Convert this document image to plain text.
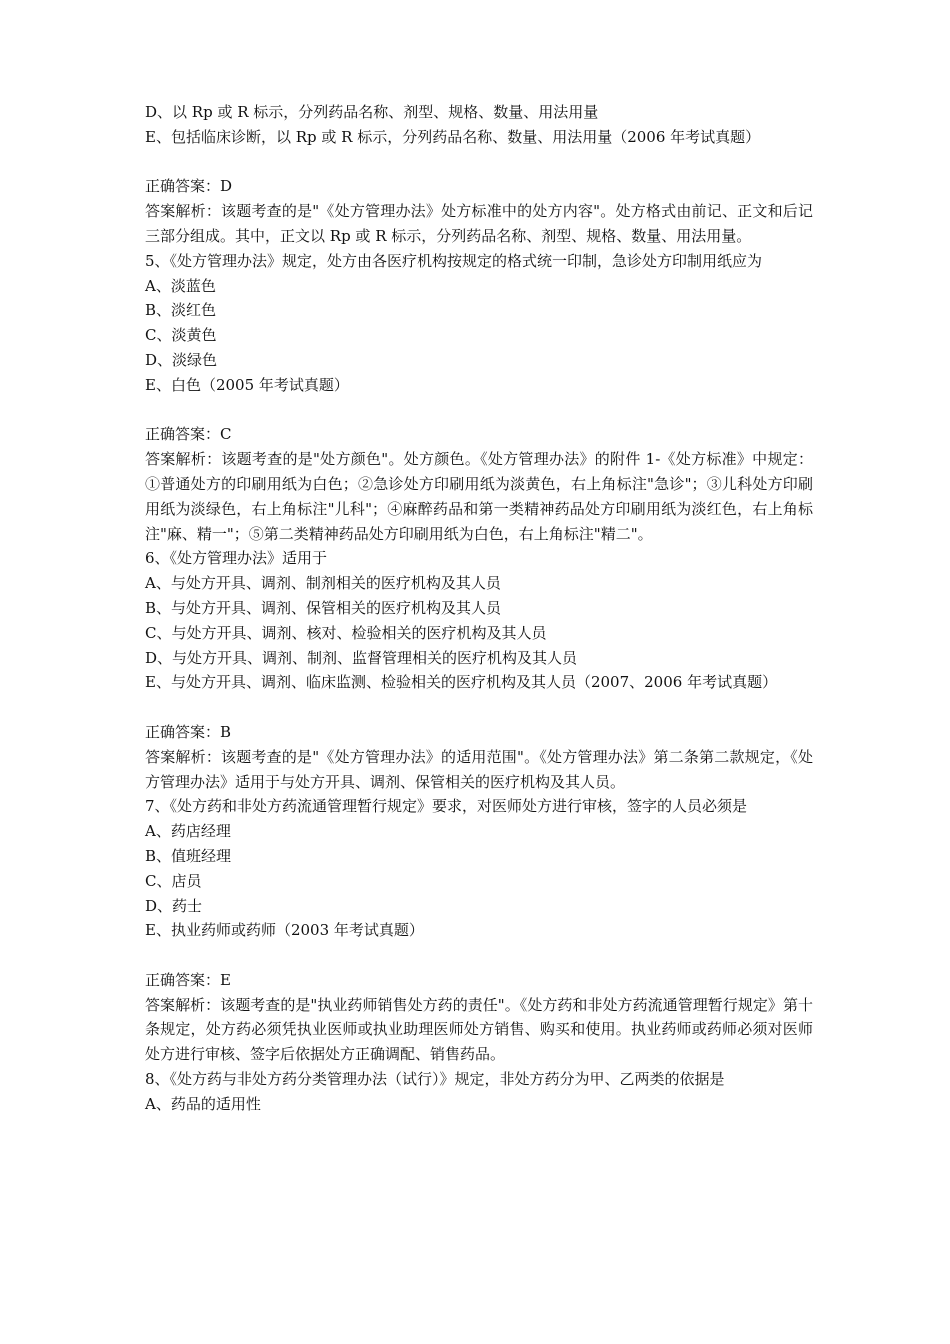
D、以 Rp 或 R 标示，分列药品名称、剂型、规格、数量、用法用量

E、包括临床诊断，以 Rp 或 R 标示，分列药品名称、数量、用法用量（2006 年考试真题）

正确答案：D

答案解析：该题考查的是"《处方管理办法》处方标准中的处方内容"。处方格式由前记、正文和后记三部分组成。其中，正文以 Rp 或 R 标示，分列药品名称、剂型、规格、数量、用法用量。

5、《处方管理办法》规定，处方由各医疗机构按规定的格式统一印制，急诊处方印制用纸应为

A、淡蓝色

B、淡红色

C、淡黄色

D、淡绿色

E、白色（2005 年考试真题）

正确答案：C

答案解析：该题考查的是"处方颜色"。处方颜色。《处方管理办法》的附件 1-《处方标准》中规定：①普通处方的印刷用纸为白色；②急诊处方印刷用纸为淡黄色，右上角标注"急诊"；③儿科处方印刷用纸为淡绿色，右上角标注"儿科"；④麻醉药品和第一类精神药品处方印刷用纸为淡红色，右上角标注"麻、精一"；⑤第二类精神药品处方印刷用纸为白色，右上角标注"精二"。

6、《处方管理办法》适用于

A、与处方开具、调剂、制剂相关的医疗机构及其人员

B、与处方开具、调剂、保管相关的医疗机构及其人员

C、与处方开具、调剂、核对、检验相关的医疗机构及其人员

D、与处方开具、调剂、制剂、监督管理相关的医疗机构及其人员

E、与处方开具、调剂、临床监测、检验相关的医疗机构及其人员（2007、2006 年考试真题）

正确答案：B

答案解析：该题考查的是"《处方管理办法》的适用范围"。《处方管理办法》第二条第二款规定，《处方管理办法》适用于与处方开具、调剂、保管相关的医疗机构及其人员。

7、《处方药和非处方药流通管理暂行规定》要求，对医师处方进行审核，签字的人员必须是

A、药店经理

B、值班经理

C、店员

D、药士

E、执业药师或药师（2003 年考试真题）

正确答案：E

答案解析：该题考查的是"执业药师销售处方药的责任"。《处方药和非处方药流通管理暂行规定》第十条规定，处方药必须凭执业医师或执业助理医师处方销售、购买和使用。执业药师或药师必须对医师处方进行审核、签字后依据处方正确调配、销售药品。

8、《处方药与非处方药分类管理办法（试行）》规定，非处方药分为甲、乙两类的依据是

A、药品的适用性
